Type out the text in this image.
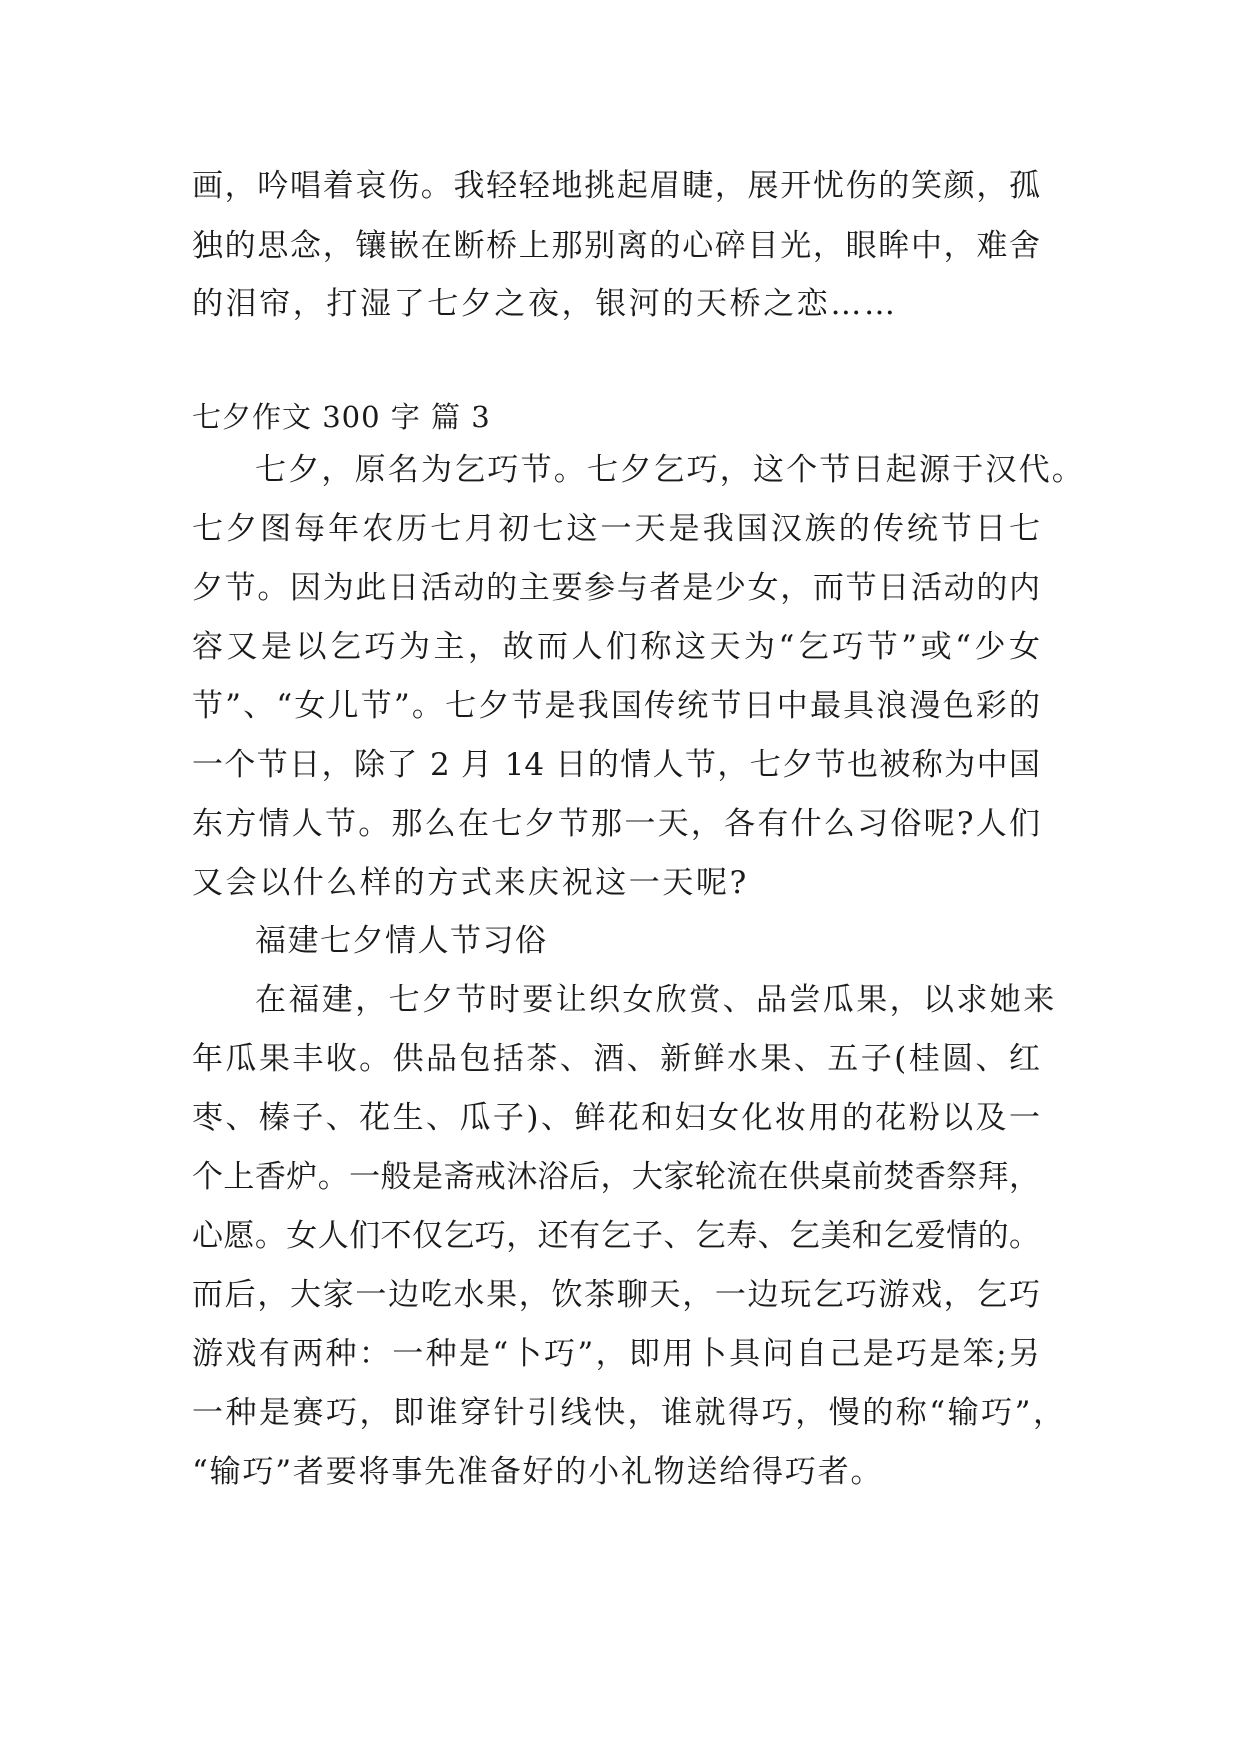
画，吟唱着哀伤。我轻轻地挑起眉睫，展开忧伤的笑颜，孤
独的思念，镶嵌在断桥上那别离的心碎目光，眼眸中，难舍
的泪帘，打湿了七夕之夜，银河的天桥之恋……
七夕作文 300 字 篇 3
七夕，原名为乞巧节。七夕乞巧，这个节日起源于汉代。
七夕图每年农历七月初七这一天是我国汉族的传统节日七
夕节。因为此日活动的主要参与者是少女，而节日活动的内
容又是以乞巧为主，故而人们称这天为“乞巧节”或“少女
节”、“女儿节”。七夕节是我国传统节日中最具浪漫色彩的
一个节日，除了 2 月 14 日的情人节，七夕节也被称为中国
东方情人节。那么在七夕节那一天，各有什么习俗呢?人们
又会以什么样的方式来庆祝这一天呢?
福建七夕情人节习俗
在福建，七夕节时要让织女欣赏、品尝瓜果，以求她来
年瓜果丰收。供品包括茶、酒、新鲜水果、五子(桂圆、红
枣、榛子、花生、瓜子)、鲜花和妇女化妆用的花粉以及一
个上香炉。一般是斋戒沐浴后，大家轮流在供桌前焚香祭拜，
心愿。女人们不仅乞巧，还有乞子、乞寿、乞美和乞爱情的。
而后，大家一边吃水果，饮茶聊天，一边玩乞巧游戏，乞巧
游戏有两种：一种是“卜巧”，即用卜具问自己是巧是笨;另
一种是赛巧，即谁穿针引线快，谁就得巧，慢的称“输巧”，
“输巧”者要将事先准备好的小礼物送给得巧者。
